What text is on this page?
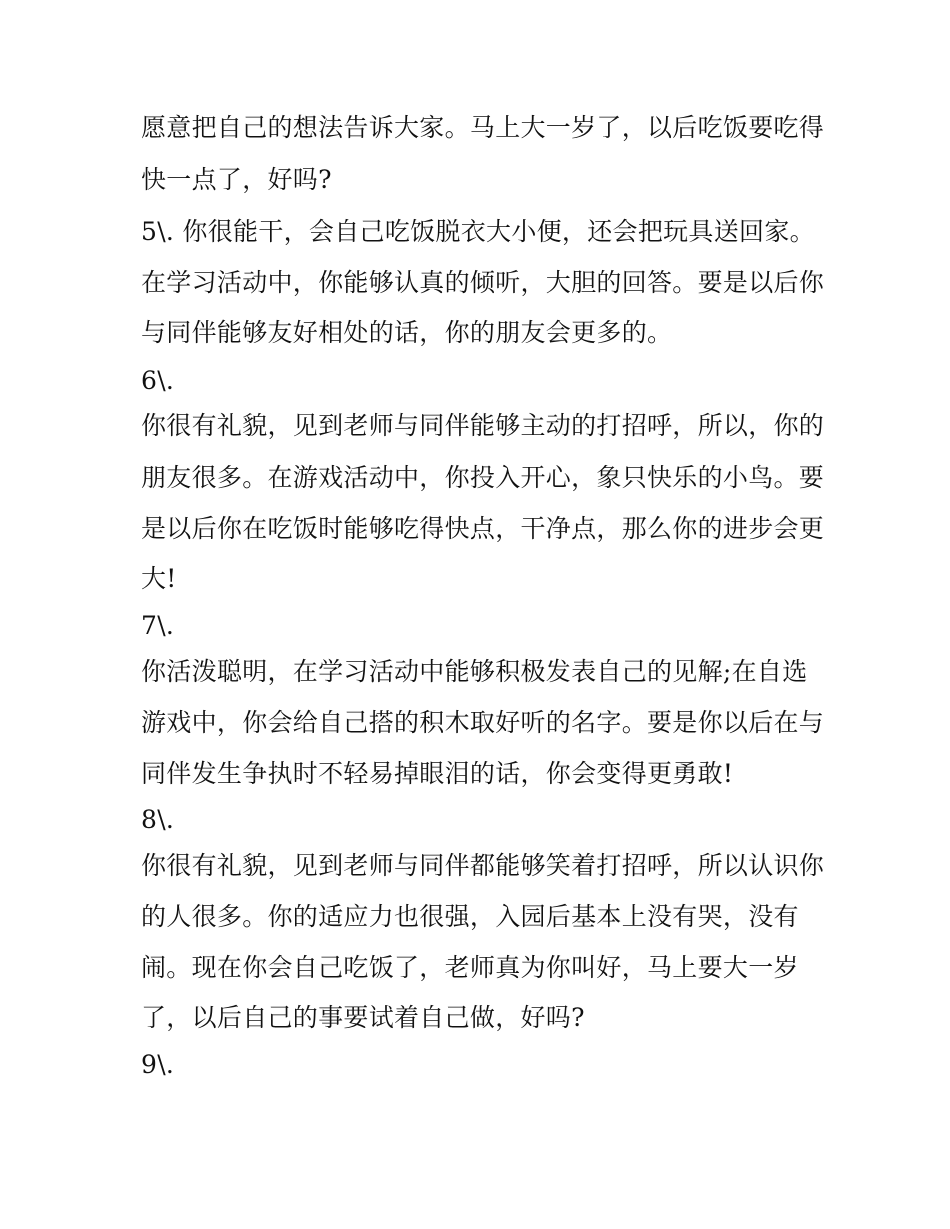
愿意把自己的想法告诉大家。马上大一岁了，以后吃饭要吃得
快一点了，好吗?
5\. 你很能干，会自己吃饭脱衣大小便，还会把玩具送回家。
在学习活动中，你能够认真的倾听，大胆的回答。要是以后你
与同伴能够友好相处的话，你的朋友会更多的。
6\.
你很有礼貌，见到老师与同伴能够主动的打招呼，所以，你的
朋友很多。在游戏活动中，你投入开心，象只快乐的小鸟。要
是以后你在吃饭时能够吃得快点，干净点，那么你的进步会更
大!
7\.
你活泼聪明，在学习活动中能够积极发表自己的见解;在自选
游戏中，你会给自己搭的积木取好听的名字。要是你以后在与
同伴发生争执时不轻易掉眼泪的话，你会变得更勇敢!
8\.
你很有礼貌，见到老师与同伴都能够笑着打招呼，所以认识你
的人很多。你的适应力也很强，入园后基本上没有哭，没有
闹。现在你会自己吃饭了，老师真为你叫好，马上要大一岁
了，以后自己的事要试着自己做，好吗?
9\.
